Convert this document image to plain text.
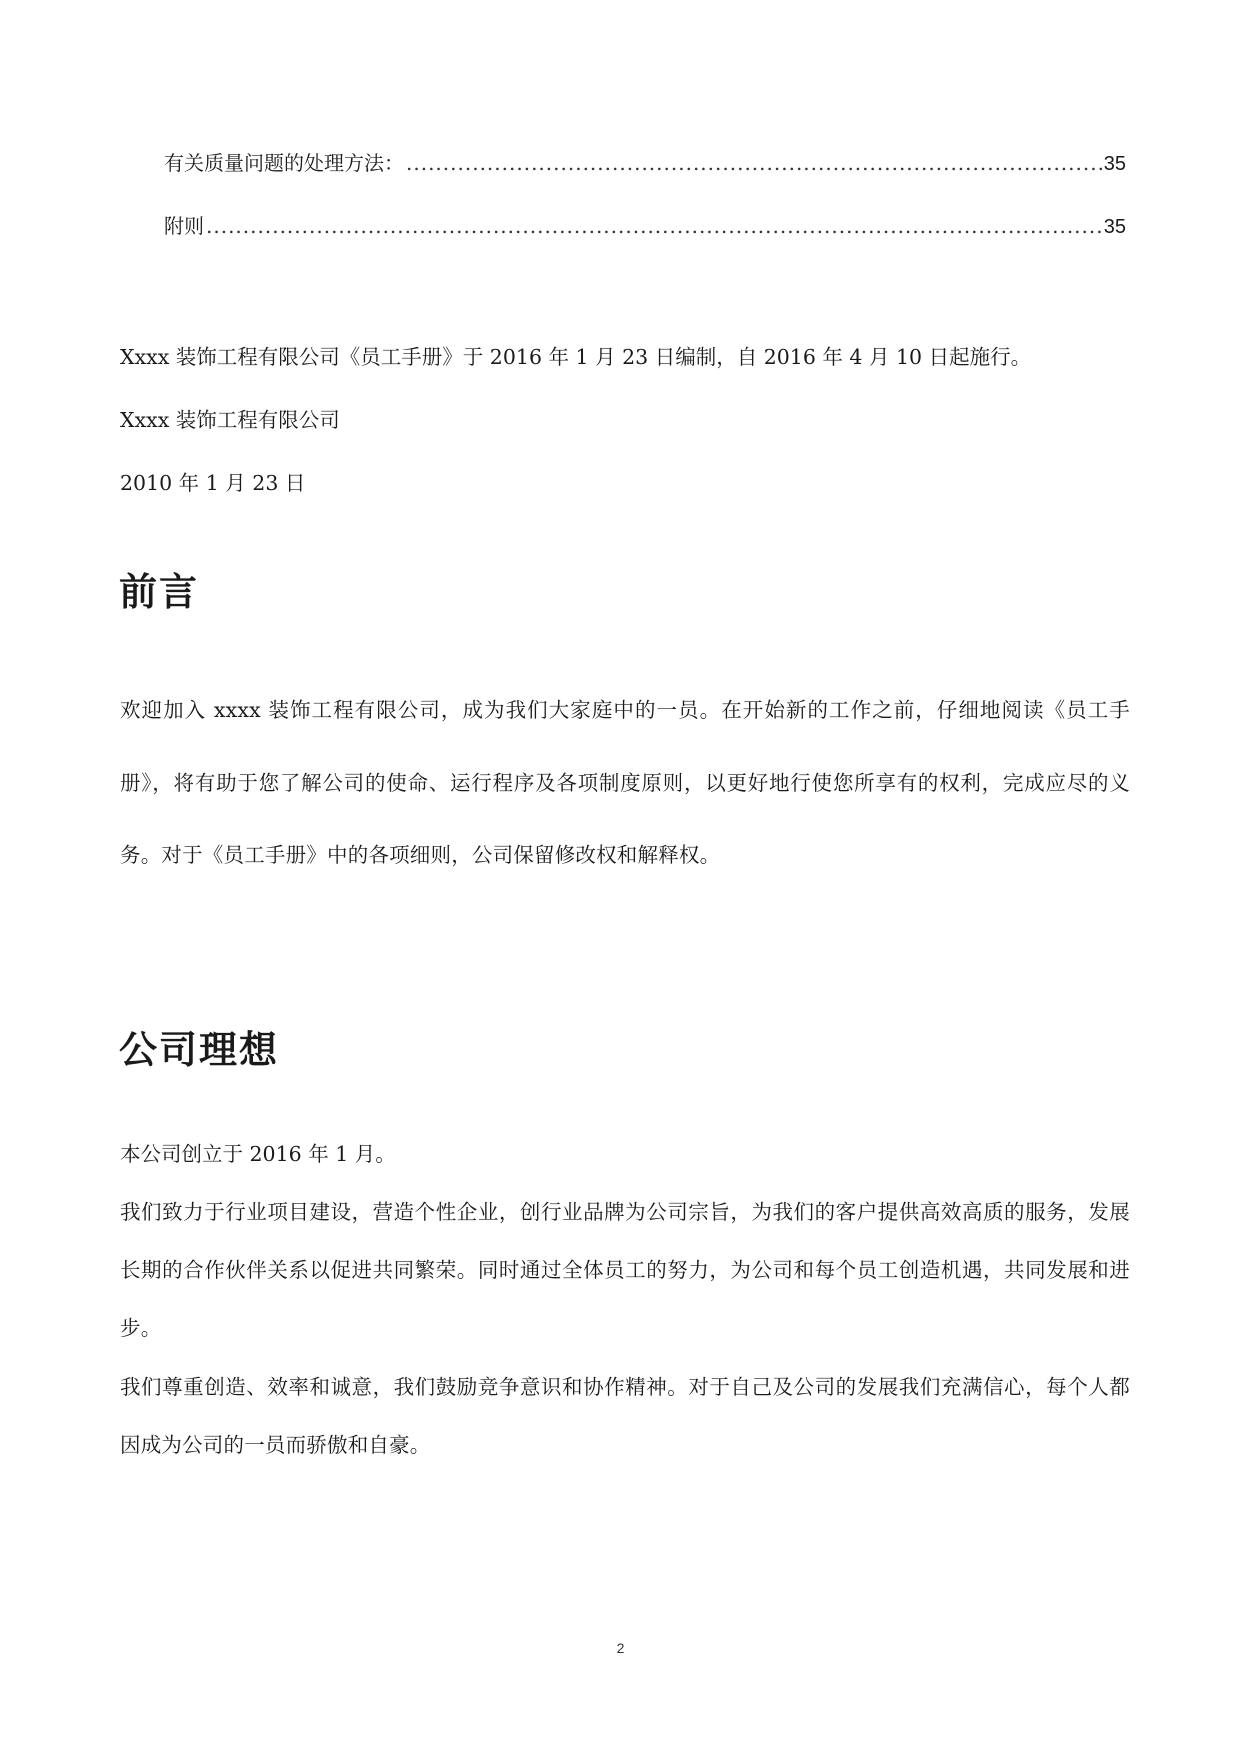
有关质量问题的处理方法： .....	35
附则 .....	35
Xxxx 装饰工程有限公司《员工手册》于 2016 年 1 月 23 日编制，自 2016 年 4 月 10 日起施行。
Xxxx 装饰工程有限公司
2010 年 1 月 23 日
前言
欢迎加入 xxxx 装饰工程有限公司，成为我们大家庭中的一员。在开始新的工作之前，仔细地阅读《员工手册》，将有助于您了解公司的使命、运行程序及各项制度原则，以更好地行使您所享有的权利，完成应尽的义务。对于《员工手册》中的各项细则，公司保留修改权和解释权。
公司理想
本公司创立于 2016 年 1 月。
我们致力于行业项目建设，营造个性企业，创行业品牌为公司宗旨，为我们的客户提供高效高质的服务，发展长期的合作伙伴关系以促进共同繁荣。同时通过全体员工的努力，为公司和每个员工创造机遇，共同发展和进步。
我们尊重创造、效率和诚意，我们鼓励竞争意识和协作精神。对于自己及公司的发展我们充满信心，每个人都因成为公司的一员而骄傲和自豪。
2
